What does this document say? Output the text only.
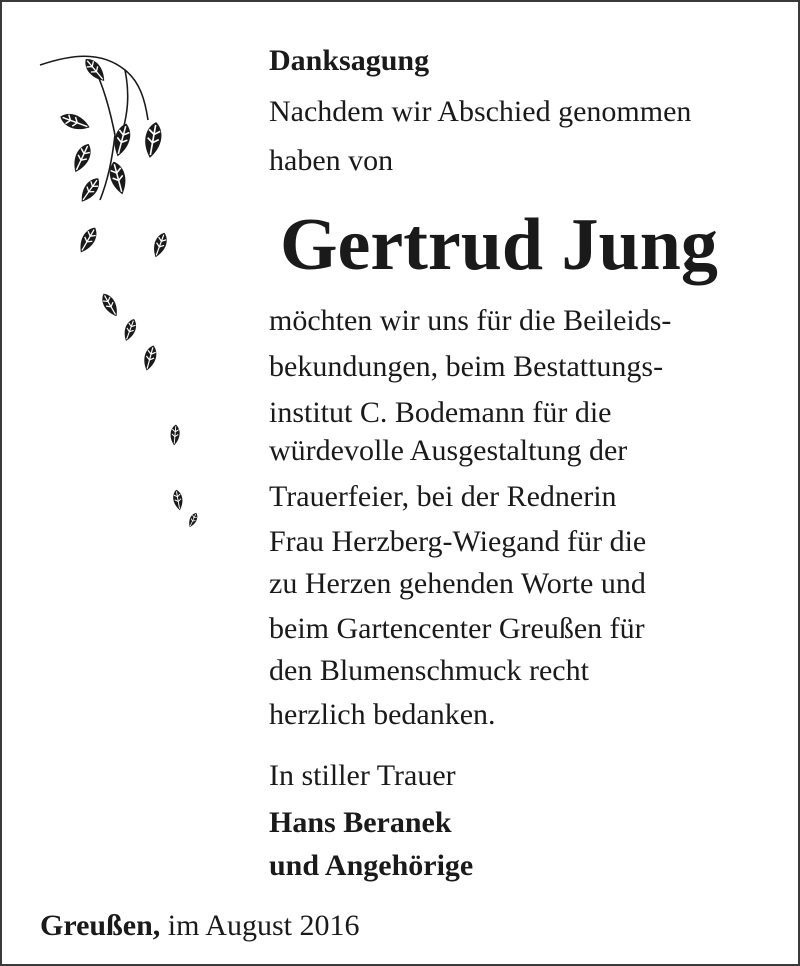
Danksagung
Nachdem wir Abschied genommen
haben von
Gertrud Jung
möchten wir uns für die Beileids-
bekundungen, beim Bestattungs-
institut C. Bodemann für die
würdevolle Ausgestaltung der
Trauerfeier, bei der Rednerin
Frau Herzberg-Wiegand für die
zu Herzen gehenden Worte und
beim Gartencenter Greußen für
den Blumenschmuck recht
herzlich bedanken.
In stiller Trauer
Hans Beranek
und Angehörige
Greußen, im August 2016
